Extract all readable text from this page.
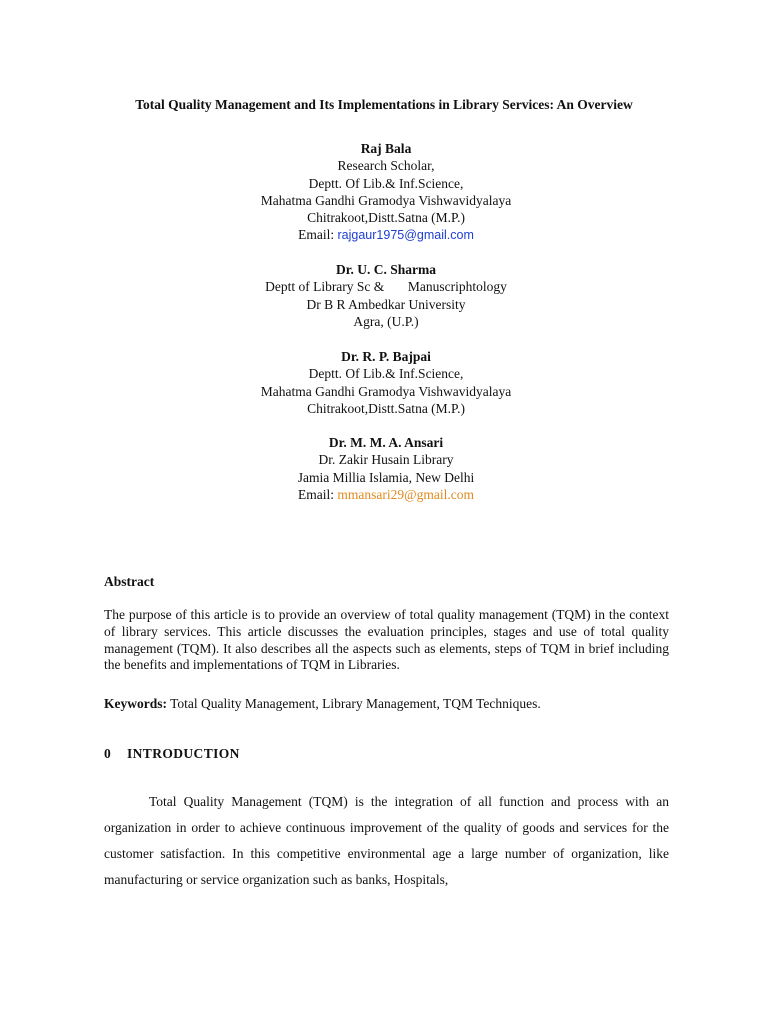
Total Quality Management and Its Implementations in Library Services: An Overview
Raj Bala
Research Scholar,
Deptt. Of Lib.& Inf.Science,
Mahatma Gandhi Gramodya Vishwavidyalaya
Chitrakoot,Distt.Satna (M.P.)
Email: rajgaur1975@gmail.com
Dr. U. C. Sharma
Deptt of Library Sc &       Manuscriphtology
Dr B R Ambedkar University
Agra, (U.P.)
Dr. R. P. Bajpai
Deptt. Of Lib.& Inf.Science,
Mahatma Gandhi Gramodya Vishwavidyalaya
Chitrakoot,Distt.Satna (M.P.)
Dr. M. M. A. Ansari
Dr. Zakir Husain Library
Jamia Millia Islamia, New Delhi
Email: mmansari29@gmail.com
Abstract
The purpose of this article is to provide an overview of total quality management (TQM) in the context of library services. This article discusses the evaluation principles, stages and use of total quality management (TQM). It also describes all the aspects such as elements, steps of TQM in brief including the benefits and implementations of TQM in Libraries.
Keywords: Total Quality Management, Library Management, TQM Techniques.
0 INTRODUCTION
Total Quality Management (TQM) is the integration of all function and process with an organization in order to achieve continuous improvement of the quality of goods and services for the customer satisfaction. In this competitive environmental age a large number of organization, like manufacturing or service organization such as banks, Hospitals,
